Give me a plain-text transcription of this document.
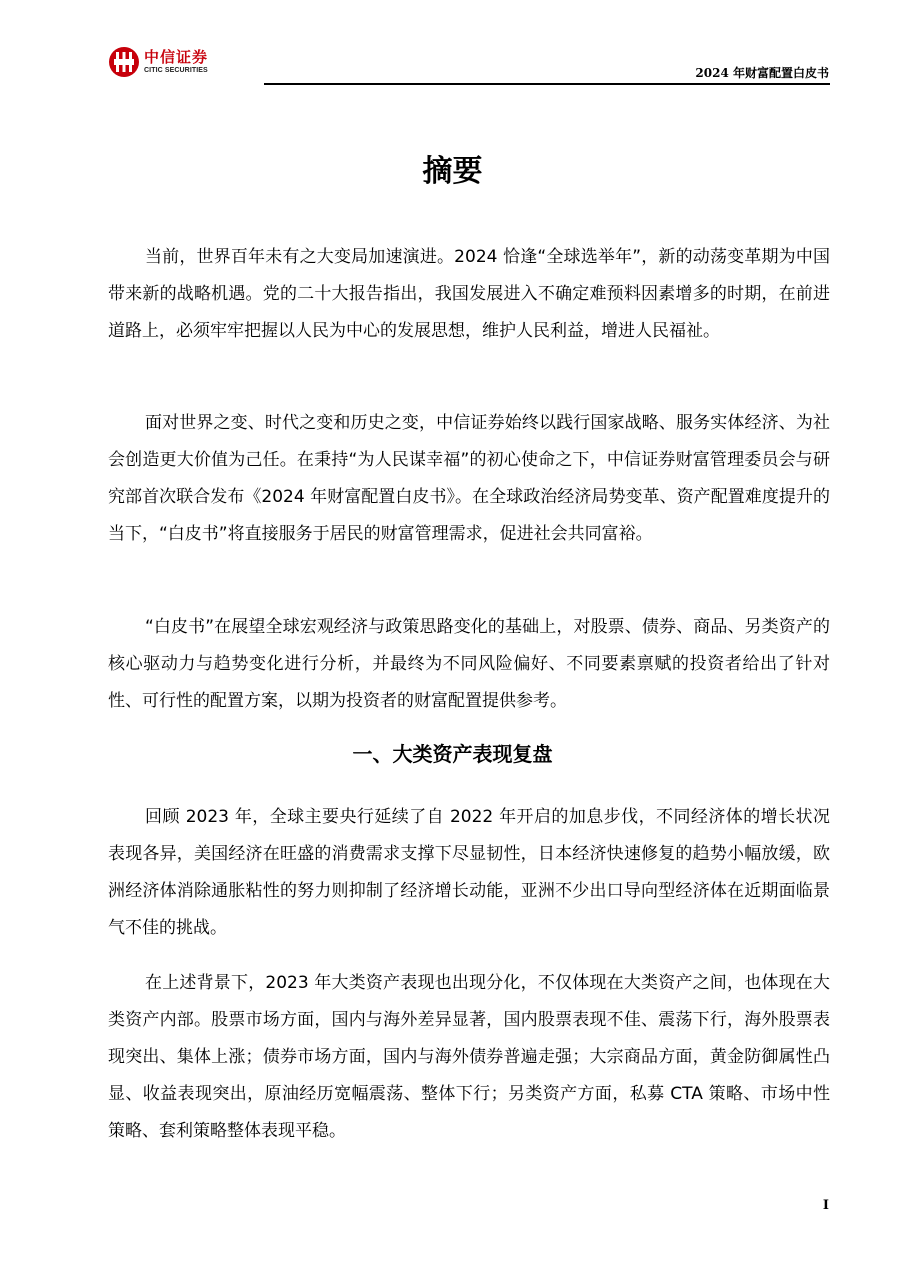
中信证券
CITIC SECURITIES	2024 年财富配置白皮书
摘要

当前，世界百年未有之大变局加速演进。2024 恰逢“全球选举年”，新的动荡变革期为中国带来新的战略机遇。党的二十大报告指出，我国发展进入不确定难预料因素增多的时期，在前进道路上，必须牢牢把握以人民为中心的发展思想，维护人民利益，增进人民福祉。

面对世界之变、时代之变和历史之变，中信证券始终以践行国家战略、服务实体经济、为社会创造更大价值为己任。在秉持“为人民谋幸福”的初心使命之下，中信证券财富管理委员会与研究部首次联合发布《2024 年财富配置白皮书》。在全球政治经济局势变革、资产配置难度提升的当下，“白皮书”将直接服务于居民的财富管理需求，促进社会共同富裕。

“白皮书”在展望全球宏观经济与政策思路变化的基础上，对股票、债券、商品、另类资产的核心驱动力与趋势变化进行分析，并最终为不同风险偏好、不同要素禀赋的投资者给出了针对性、可行性的配置方案，以期为投资者的财富配置提供参考。

一、大类资产表现复盘

回顾 2023 年，全球主要央行延续了自 2022 年开启的加息步伐，不同经济体的增长状况表现各异，美国经济在旺盛的消费需求支撑下尽显韧性，日本经济快速修复的趋势小幅放缓，欧洲经济体消除通胀粘性的努力则抑制了经济增长动能，亚洲不少出口导向型经济体在近期面临景气不佳的挑战。

在上述背景下，2023 年大类资产表现也出现分化，不仅体现在大类资产之间，也体现在大类资产内部。股票市场方面，国内与海外差异显著，国内股票表现不佳、震荡下行，海外股票表现突出、集体上涨；债券市场方面，国内与海外债券普遍走强；大宗商品方面，黄金防御属性凸显、收益表现突出，原油经历宽幅震荡、整体下行；另类资产方面，私募 CTA 策略、市场中性策略、套利策略整体表现平稳。

I
